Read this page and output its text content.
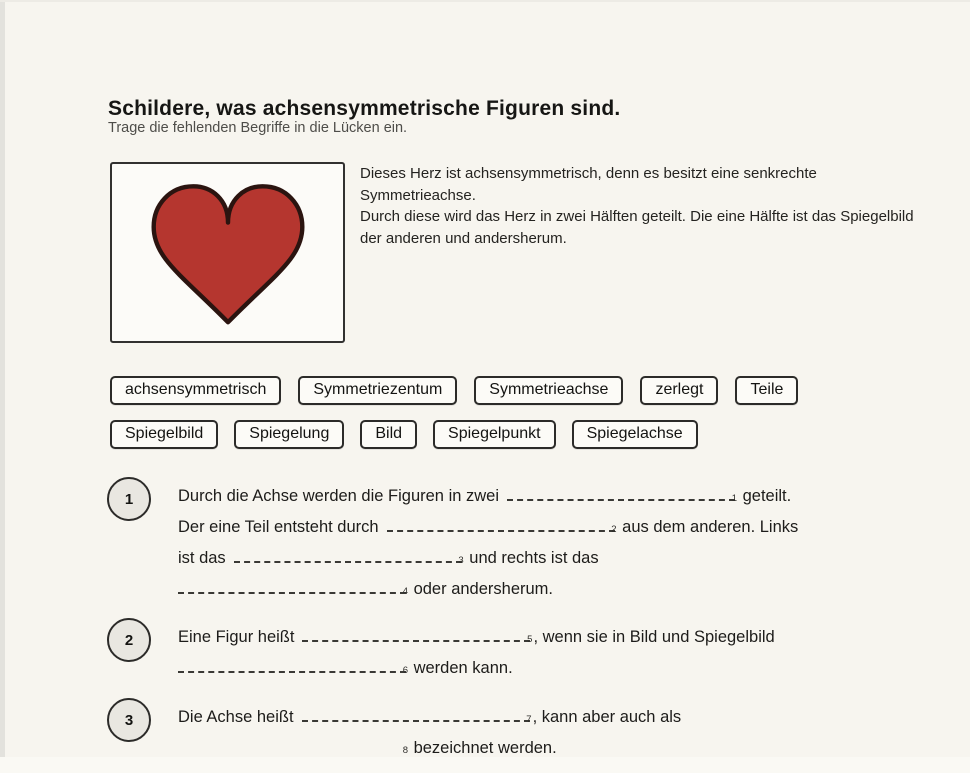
Schildere, was achsensymmetrische Figuren sind.
Trage die fehlenden Begriffe in die Lücken ein.

Dieses Herz ist achsensymmetrisch, denn es besitzt eine senkrechte Symmetrieachse.

Durch diese wird das Herz in zwei Hälften geteilt. Die eine Hälfte ist das Spiegelbild der anderen und andersherum.

achsensymmetrisch	Symmetriezentum	Symmetrieachse	zerlegt	Teile
Spiegelbild	Spiegelung	Bild	Spiegelpunkt	Spiegelachse
1	Durch die Achse werden die Figuren in zwei	1 geteilt.
Der eine Teil entsteht durch	2 aus dem anderen. Links
ist das	3 und rechts ist das
4 oder andersherum.
2	Eine Figur heißt	5 , wenn sie in Bild und Spiegelbild
6 werden kann.
3	Die Achse heißt	7 , kann aber auch als
8 bezeichnet werden.
